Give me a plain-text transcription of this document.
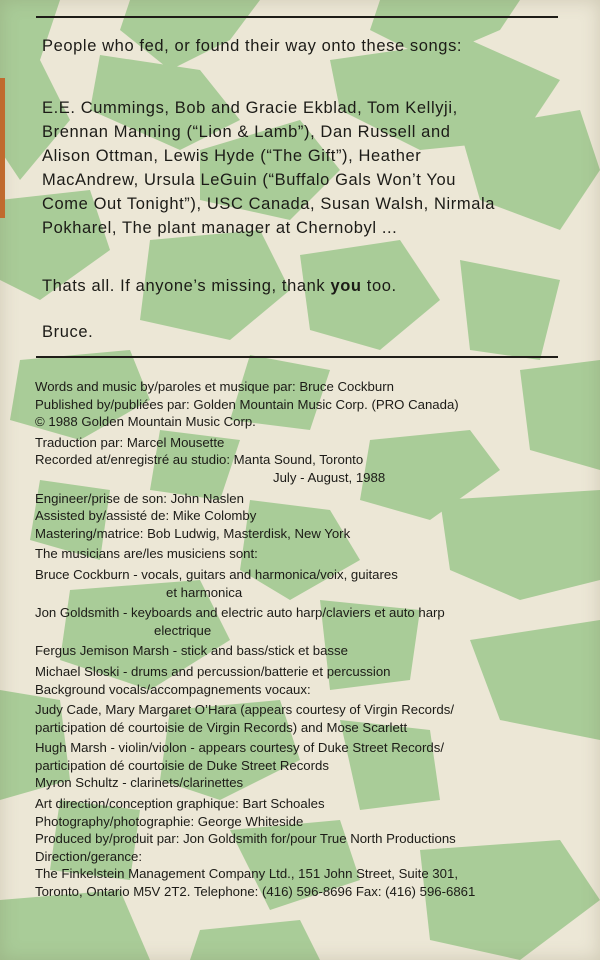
People who fed, or found their way onto these songs:

E.E. Cummings, Bob and Gracie Ekblad, Tom Kellyji,
Brennan Manning (“Lion & Lamb”), Dan Russell and
Alison Ottman, Lewis Hyde (“The Gift”), Heather
MacAndrew, Ursula LeGuin (“Buffalo Gals Won’t You
Come Out Tonight”), USC Canada, Susan Walsh, Nirmala
Pokharel, The plant manager at Chernobyl ...

Thats all. If anyone’s missing, thank you too.

Bruce.

Words and music by/paroles et musique par: Bruce Cockburn
Published by/publiées par: Golden Mountain Music Corp. (PRO Canada)
© 1988 Golden Mountain Music Corp.
Traduction par: Marcel Mousette
Recorded at/enregistré au studio: Manta Sound, Toronto
July - August, 1988
Engineer/prise de son: John Naslen
Assisted by/assisté de: Mike Colomby
Mastering/matrice: Bob Ludwig, Masterdisk, New York
The musicians are/les musiciens sont:
Bruce Cockburn - vocals, guitars and harmonica/voix, guitares
et harmonica
Jon Goldsmith - keyboards and electric auto harp/claviers et auto harp
electrique
Fergus Jemison Marsh - stick and bass/stick et basse
Michael Sloski - drums and percussion/batterie et percussion
Background vocals/accompagnements vocaux:
Judy Cade, Mary Margaret O’Hara (appears courtesy of Virgin Records/
participation dé courtoisie de Virgin Records) and Mose Scarlett
Hugh Marsh - violin/violon - appears courtesy of Duke Street Records/
participation dé courtoisie de Duke Street Records
Myron Schultz - clarinets/clarinettes
Art direction/conception graphique: Bart Schoales
Photography/photographie: George Whiteside
Produced by/produit par: Jon Goldsmith for/pour True North Productions
Direction/gerance:
The Finkelstein Management Company Ltd., 151 John Street, Suite 301,
Toronto, Ontario M5V 2T2. Telephone: (416) 596-8696 Fax: (416) 596-6861
